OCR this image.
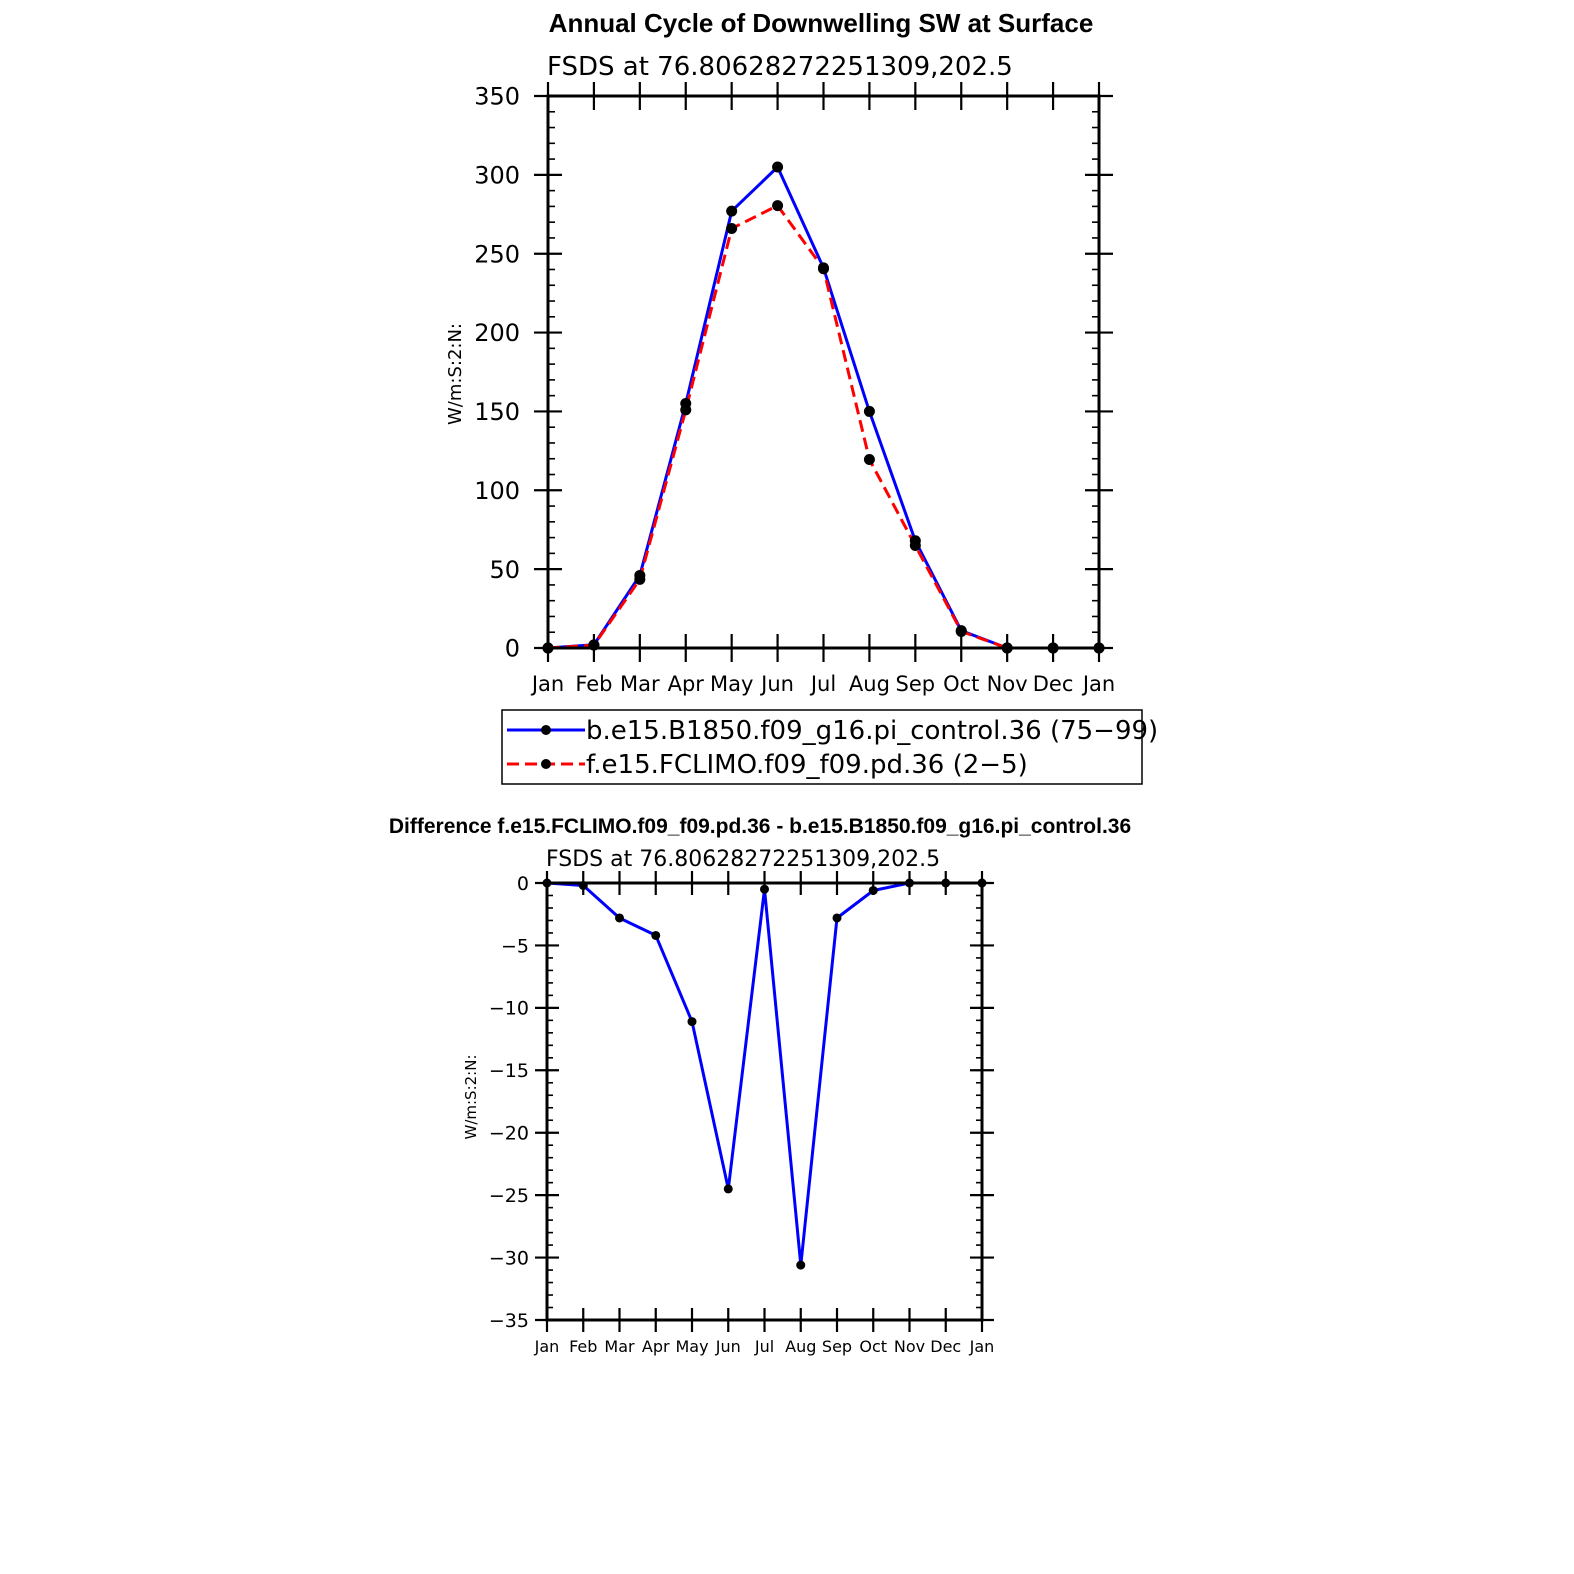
Annual Cycle of Downwelling SW at Surface
FSDS at 76.80628272251309,202.5
W/m:S:2:N:
0
50
100
150
200
250
300
350
Jan Feb Mar Apr May Jun Jul Aug Sep Oct Nov Dec Jan
b.e15.B1850.f09_g16.pi_control.36 (75−99)
f.e15.FCLIMO.f09_f09.pd.36 (2−5)
Difference f.e15.FCLIMO.f09_f09.pd.36 - b.e15.B1850.f09_g16.pi_control.36
FSDS at 76.80628272251309,202.5
W/m:S:2:N:
0
−5
−10
−15
−20
−25
−30
−35
Jan Feb Mar Apr May Jun Jul Aug Sep Oct Nov Dec Jan
